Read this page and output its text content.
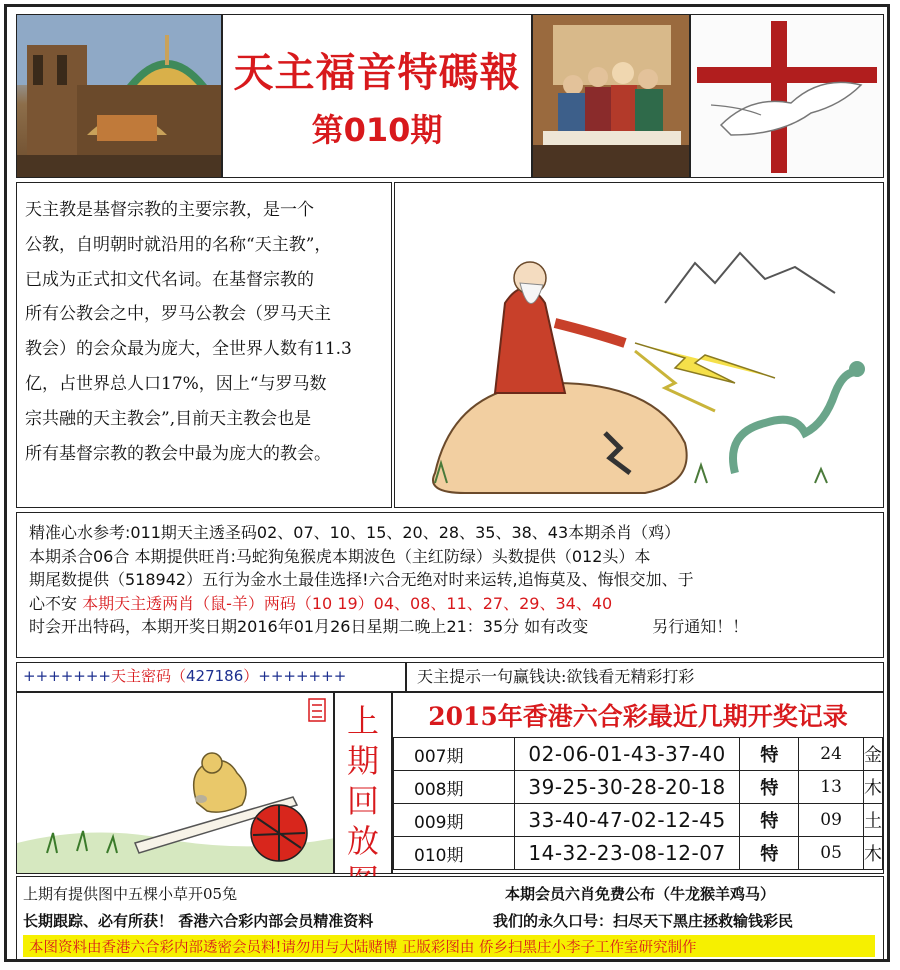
天主福音特碼報
第010期
天主教是基督宗教的主要宗教，是一个
公教，自明朝时就沿用的名称“天主教”，
已成为正式扣文代名词。在基督宗教的
所有公教会之中，罗马公教会（罗马天主
教会）的会众最为庞大，全世界人数有11.3
亿，占世界总人口17%，因上“与罗马数
宗共融的天主教会”,目前天主教会也是
所有基督宗教的教会中最为庞大的教会。
精准心水参考:011期天主透圣码02、07、10、15、20、28、35、38、43本期杀肖（鸡）
本期杀合06合 本期提供旺肖:马蛇狗兔猴虎本期波色（主红防绿）头数提供（012头）本
期尾数提供（518942）五行为金水土最佳选择!六合无绝对时来运转,追悔莫及、悔恨交加、于
心不安 本期天主透两肖（鼠-羊）两码（10 19）04、08、11、27、29、34、40
时会开出特码，本期开奖日期2016年01月26日星期二晚上21：35分 如有改变	另行通知！！
+++++++天主密码（427186）+++++++	天主提示一句赢钱诀:欲钱看无精彩打彩
上
期
回
放
2015年香港六合彩最近几期开奖记录
007期	02-06-01-43-37-40	特	24	金
008期	39-25-30-28-20-18	特	13	木
009期	33-40-47-02-12-45	特	09	土
010期	14-32-23-08-12-07	特	05	木
上期有提供图中五棵小草开05兔	本期会员六肖免费公布（牛龙猴羊鸡马）
长期跟踪、必有所获！ 香港六合彩内部会员精准资料	我们的永久口号：扫尽天下黑庄拯救输钱彩民
本图资料由香港六合彩内部透密会员料!请勿用与大陆赌博 正版彩图由 侨乡扫黑庄小李子工作室研究制作
